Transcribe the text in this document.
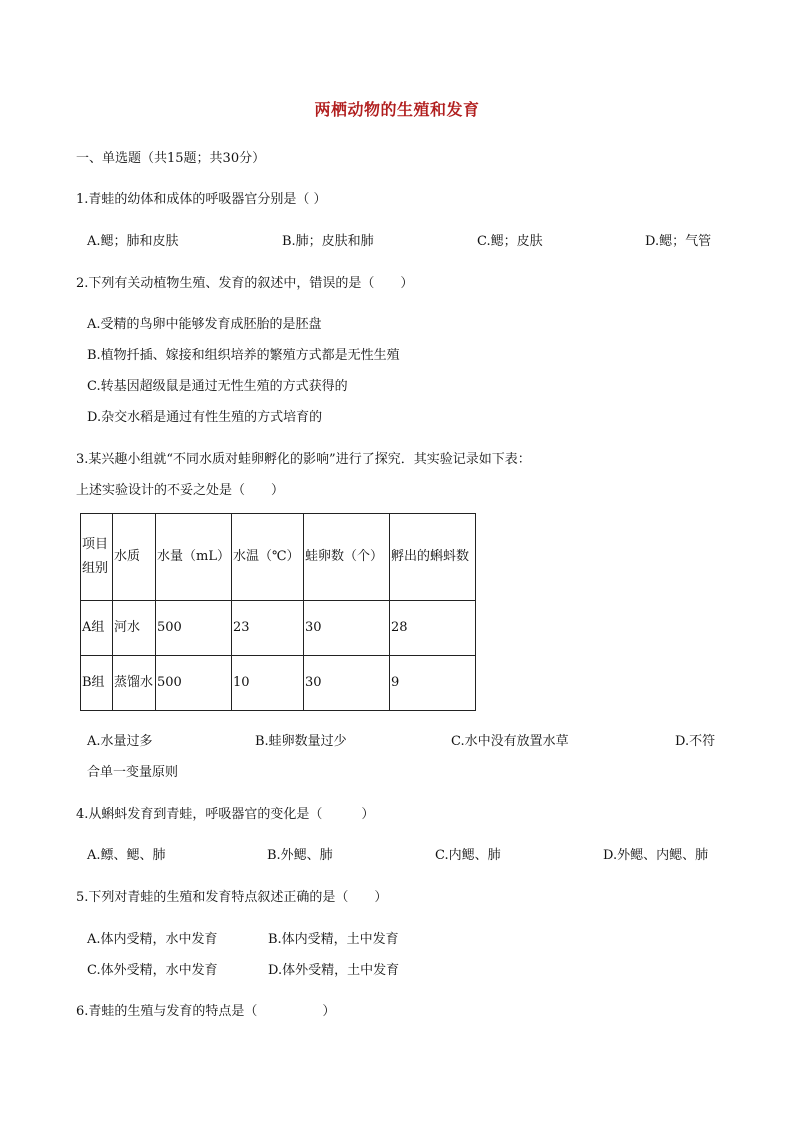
两栖动物的生殖和发育
一、单选题（共15题；共30分）
1.青蛙的幼体和成体的呼吸器官分别是（ ）
A.鳃；肺和皮肤	B.肺；皮肤和肺	C.鳃；皮肤	D.鳃；气管
2.下列有关动植物生殖、发育的叙述中，错误的是（　　）
A.受精的鸟卵中能够发育成胚胎的是胚盘
B.植物扦插、嫁接和组织培养的繁殖方式都是无性生殖
C.转基因超级鼠是通过无性生殖的方式获得的
D.杂交水稻是通过有性生殖的方式培育的
3.某兴趣小组就“不同水质对蛙卵孵化的影响”进行了探究．其实验记录如下表：
上述实验设计的不妥之处是（　　）
项目
组别	水质	水量（mL）	水温（℃）	蛙卵数（个）	孵出的蝌蚪数
A组	河水	500	23	30	28
B组	蒸馏水	500	10	30	9
A.水量过多	B.蛙卵数量过少	C.水中没有放置水草	D.不符
合单一变量原则
4.从蝌蚪发育到青蛙，呼吸器官的变化是（　　　）
A.鳔、鳃、肺	B.外鳃、肺	C.内鳃、肺	D.外鳃、内鳃、肺
5.下列对青蛙的生殖和发育特点叙述正确的是（　　）
A.体内受精，水中发育	B.体内受精，土中发育
C.体外受精，水中发育	D.体外受精，土中发育
6.青蛙的生殖与发育的特点是（　　　　　）
